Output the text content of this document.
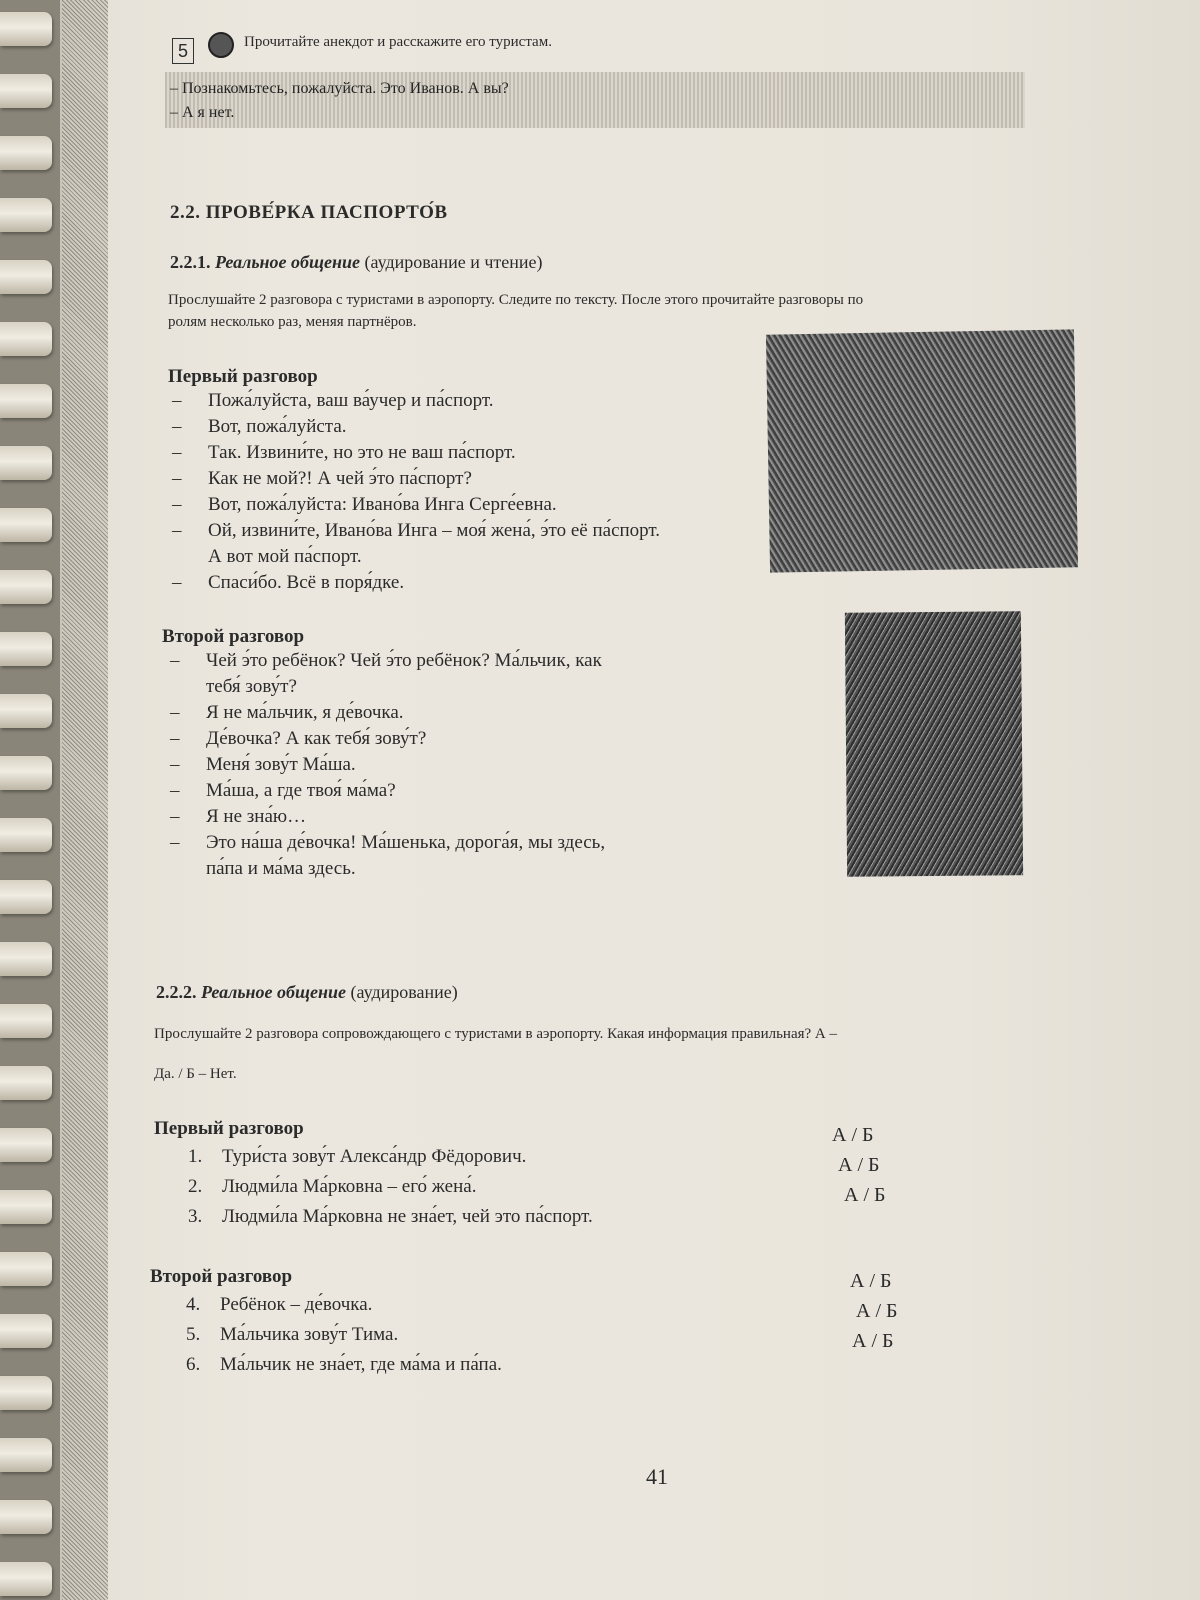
5	Прочитайте анекдот и расскажите его туристам.
– Познакомьтесь, пожалуйста. Это Иванов. А вы?
– А я нет.
2.2. ПРОВЕ́РКА ПАСПОРТО́В
2.2.1. Реальное общение (аудирование и чтение)
Прослушайте 2 разговора с туристами в аэропорту. Следите по тексту. После этого прочитайте разговоры по
ролям несколько раз, меняя партнёров.
Первый разговор
– Пожа́луйста, ваш ва́учер и па́спорт.
– Вот, пожа́луйста.
– Так. Извини́те, но это не ваш па́спорт.
– Как не мой?! А чей э́то па́спорт?
– Вот, пожа́луйста: Ивано́ва Инга Серге́евна.
– Ой, извини́те, Ивано́ва Инга – моя́ жена́, э́то её па́спорт.
А вот мой па́спорт.
– Спаси́бо. Всё в поря́дке.
Второй разговор
– Чей э́то ребёнок? Чей э́то ребёнок? Ма́льчик, как
тебя́ зову́т?
– Я не ма́льчик, я де́вочка.
– Де́вочка? А как тебя́ зову́т?
– Меня́ зову́т Ма́ша.
– Ма́ша, а где твоя́ ма́ма?
– Я не зна́ю…
– Это на́ша де́вочка! Ма́шенька, дорога́я, мы здесь,
па́па и ма́ма здесь.
2.2.2. Реальное общение (аудирование)
Прослушайте 2 разговора сопровождающего с туристами в аэропорту. Какая информация правильная? А –
Да. / Б – Нет.
Первый разговор
1. Тури́ста зову́т Алекса́ндр Фёдорович.
2. Людми́ла Ма́рковна – его́ жена́.
3. Людми́ла Ма́рковна не зна́ет, чей это па́спорт.
А / Б
А / Б
А / Б
Второй разговор
4. Ребёнок – де́вочка.
5. Ма́льчика зову́т Тима.
6. Ма́льчик не зна́ет, где ма́ма и па́па.
А / Б
А / Б
А / Б
41
